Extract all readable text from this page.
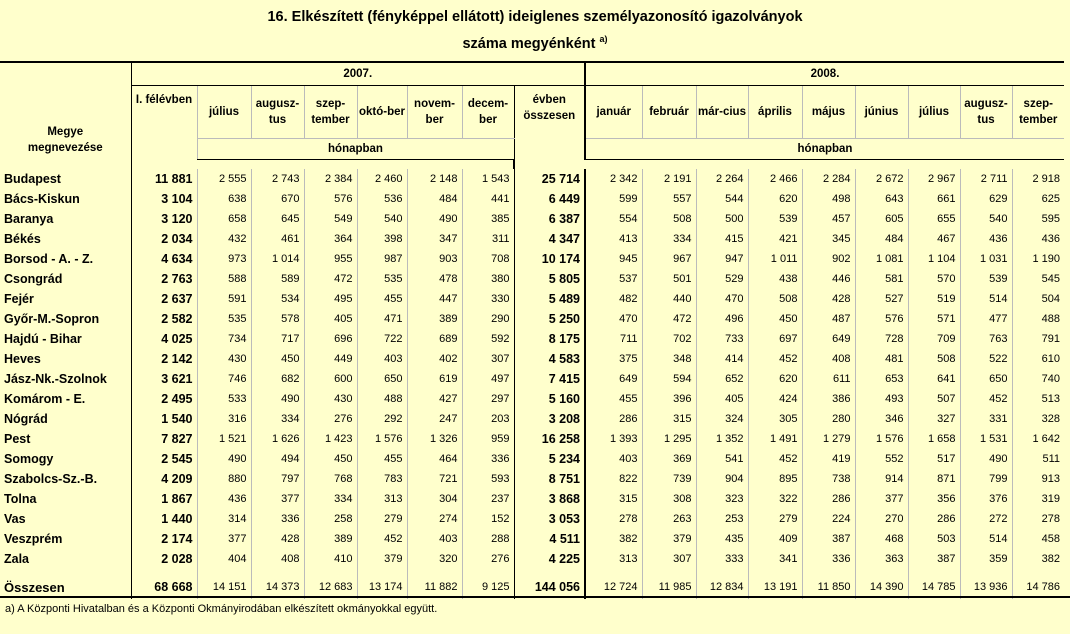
16. Elkészített (fényképpel ellátott) ideiglenes személyazonosító igazolványok
száma megyénként $^{a)}$
Megye megnevezése	2007.								2008.								
	I. félévben	július	augusz-tus	szep-tember	októ-ber	novem-ber	decem-ber	évben összesen	január	február	már-cius	április	május	június	július	augusz-tus	szep-tember
		hónapban							hónapban								

Budapest	11 881	2 555	2 743	2 384	2 460	2 148	1 543	25 714	2 342	2 191	2 264	2 466	2 284	2 672	2 967	2 711	2 918
Bács-Kiskun	3 104	638	670	576	536	484	441	6 449	599	557	544	620	498	643	661	629	625
Baranya	3 120	658	645	549	540	490	385	6 387	554	508	500	539	457	605	655	540	595
Békés	2 034	432	461	364	398	347	311	4 347	413	334	415	421	345	484	467	436	436
Borsod - A. - Z.	4 634	973	1 014	955	987	903	708	10 174	945	967	947	1 011	902	1 081	1 104	1 031	1 190
Csongrád	2 763	588	589	472	535	478	380	5 805	537	501	529	438	446	581	570	539	545
Fejér	2 637	591	534	495	455	447	330	5 489	482	440	470	508	428	527	519	514	504
Győr-M.-Sopron	2 582	535	578	405	471	389	290	5 250	470	472	496	450	487	576	571	477	488
Hajdú - Bihar	4 025	734	717	696	722	689	592	8 175	711	702	733	697	649	728	709	763	791
Heves	2 142	430	450	449	403	402	307	4 583	375	348	414	452	408	481	508	522	610
Jász-Nk.-Szolnok	3 621	746	682	600	650	619	497	7 415	649	594	652	620	611	653	641	650	740
Komárom - E.	2 495	533	490	430	488	427	297	5 160	455	396	405	424	386	493	507	452	513
Nógrád	1 540	316	334	276	292	247	203	3 208	286	315	324	305	280	346	327	331	328
Pest	7 827	1 521	1 626	1 423	1 576	1 326	959	16 258	1 393	1 295	1 352	1 491	1 279	1 576	1 658	1 531	1 642
Somogy	2 545	490	494	450	455	464	336	5 234	403	369	541	452	419	552	517	490	511
Szabolcs-Sz.-B.	4 209	880	797	768	783	721	593	8 751	822	739	904	895	738	914	871	799	913
Tolna	1 867	436	377	334	313	304	237	3 868	315	308	323	322	286	377	356	376	319
Vas	1 440	314	336	258	279	274	152	3 053	278	263	253	279	224	270	286	272	278
Veszprém	2 174	377	428	389	452	403	288	4 511	382	379	435	409	387	468	503	514	458
Zala	2 028	404	408	410	379	320	276	4 225	313	307	333	341	336	363	387	359	382

Összesen	68 668	14 151	14 373	12 683	13 174	11 882	9 125	144 056	12 724	11 985	12 834	13 191	11 850	14 390	14 785	13 936	14 786
a) A Központi Hivatalban és a Központi Okmányirodában elkészített okmányokkal együtt.
